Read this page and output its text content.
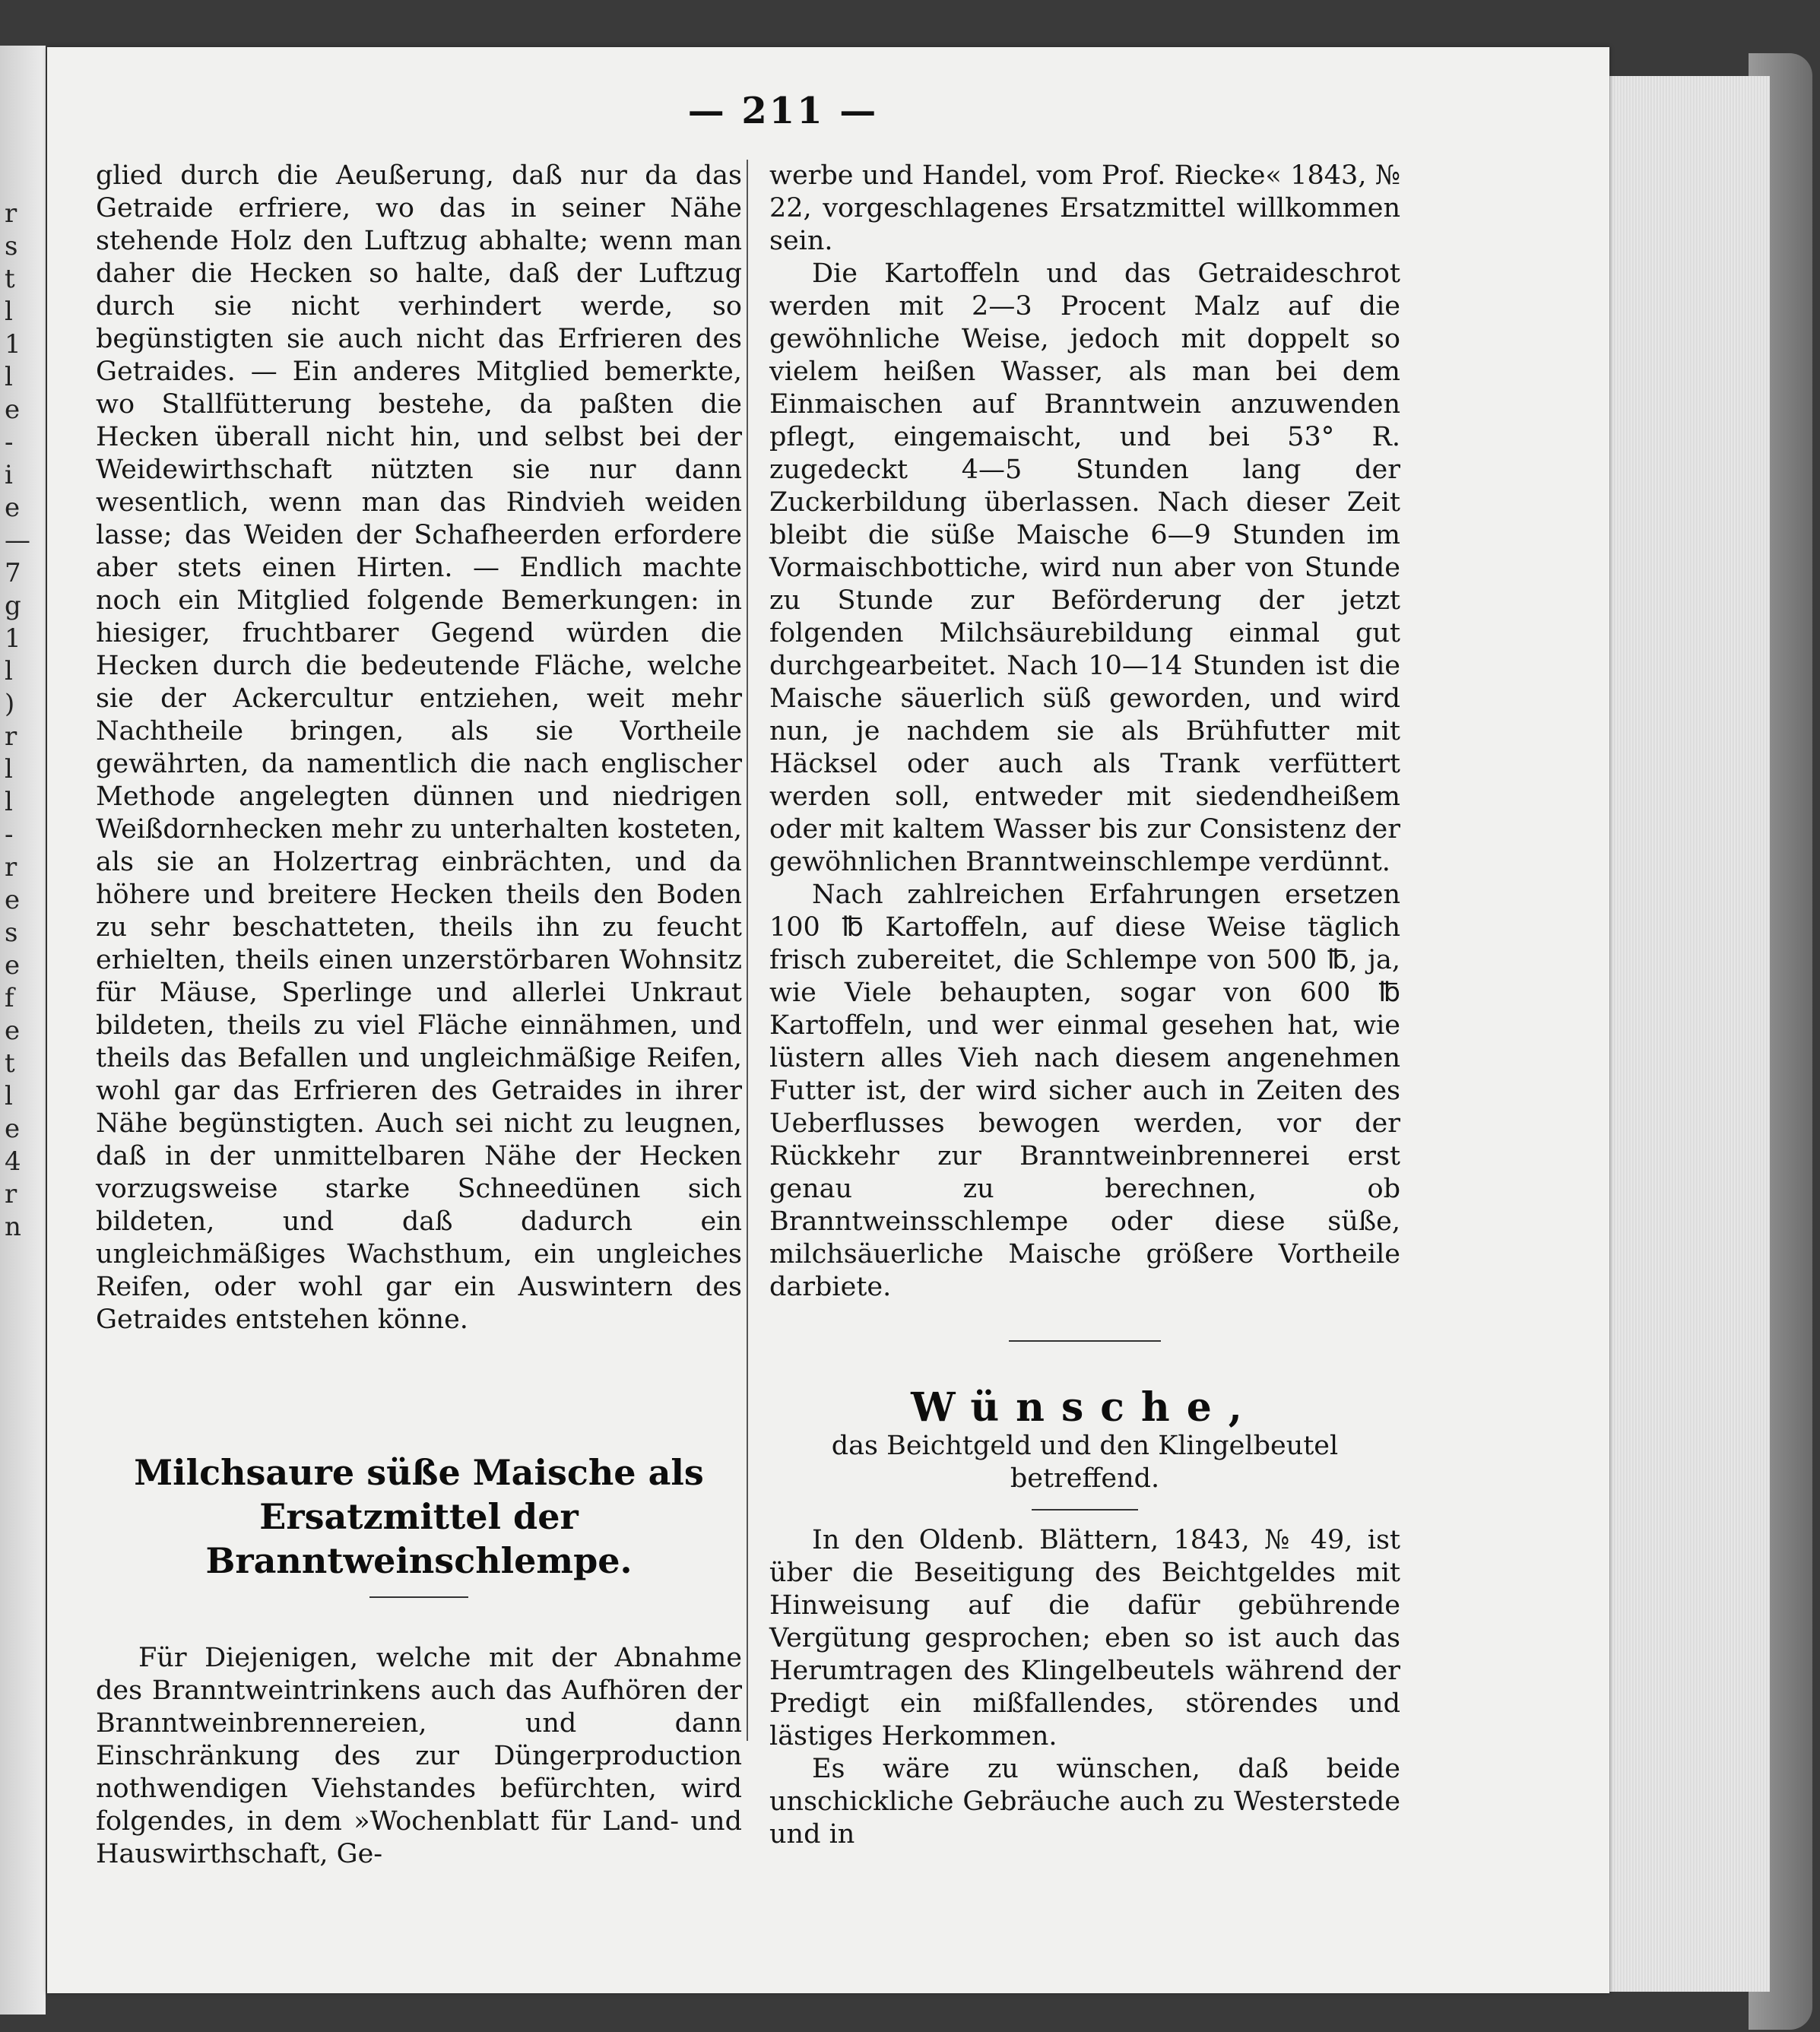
r
s
t
l
1
l
e
-
i
e
—
7
g
1
l
)
r
l
l
-
r
e
s
e
f
e
t
l
e
4
r
n
— 211 —

glied durch die Aeußerung, daß nur da das Getraide erfriere, wo das in seiner Nähe stehende Holz den Luftzug abhalte; wenn man daher die Hecken so halte, daß der Luftzug durch sie nicht verhindert werde, so begünstigten sie auch nicht das Erfrieren des Getraides. — Ein anderes Mitglied bemerkte, wo Stallfütterung bestehe, da paßten die Hecken überall nicht hin, und selbst bei der Weidewirthschaft nützten sie nur dann wesentlich, wenn man das Rindvieh weiden lasse; das Weiden der Schafheerden erfordere aber stets einen Hirten. — Endlich machte noch ein Mitglied folgende Bemerkungen: in hiesiger, fruchtbarer Gegend würden die Hecken durch die bedeutende Fläche, welche sie der Ackercultur entziehen, weit mehr Nachtheile bringen, als sie Vortheile gewährten, da namentlich die nach englischer Methode angelegten dünnen und niedrigen Weißdornhecken mehr zu unterhalten kosteten, als sie an Holzertrag einbrächten, und da höhere und breitere Hecken theils den Boden zu sehr beschatteten, theils ihn zu feucht erhielten, theils einen unzerstörbaren Wohnsitz für Mäuse, Sperlinge und allerlei Unkraut bildeten, theils zu viel Fläche einnähmen, und theils das Befallen und ungleichmäßige Reifen, wohl gar das Erfrieren des Getraides in ihrer Nähe begünstigten. Auch sei nicht zu leugnen, daß in der unmittelbaren Nähe der Hecken vorzugsweise starke Schneedünen sich bildeten, und daß dadurch ein ungleichmäßiges Wachsthum, ein ungleiches Reifen, oder wohl gar ein Auswintern des Getraides entstehen könne.

Milchsaure süße Maische als Ersatzmittel der Branntweinschlempe.

Für Diejenigen, welche mit der Abnahme des Branntweintrinkens auch das Aufhören der Branntweinbrennereien, und dann Einschränkung des zur Düngerproduction nothwendigen Viehstandes befürchten, wird folgendes, in dem »Wochenblatt für Land- und Hauswirthschaft, Ge-

werbe und Handel, vom Prof. Riecke« 1843, № 22, vorgeschlagenes Ersatzmittel willkommen sein.

Die Kartoffeln und das Getraideschrot werden mit 2—3 Procent Malz auf die gewöhnliche Weise, jedoch mit doppelt so vielem heißen Wasser, als man bei dem Einmaischen auf Branntwein anzuwenden pflegt, eingemaischt, und bei 53° R. zugedeckt 4—5 Stunden lang der Zuckerbildung überlassen. Nach dieser Zeit bleibt die süße Maische 6—9 Stunden im Vormaischbottiche, wird nun aber von Stunde zu Stunde zur Beförderung der jetzt folgenden Milchsäurebildung einmal gut durchgearbeitet. Nach 10—14 Stunden ist die Maische säuerlich süß geworden, und wird nun, je nachdem sie als Brühfutter mit Häcksel oder auch als Trank verfüttert werden soll, entweder mit siedendheißem oder mit kaltem Wasser bis zur Consistenz der gewöhnlichen Branntweinschlempe verdünnt.

Nach zahlreichen Erfahrungen ersetzen 100 ℔ Kartoffeln, auf diese Weise täglich frisch zubereitet, die Schlempe von 500 ℔, ja, wie Viele behaupten, sogar von 600 ℔ Kartoffeln, und wer einmal gesehen hat, wie lüstern alles Vieh nach diesem angenehmen Futter ist, der wird sicher auch in Zeiten des Ueberflusses bewogen werden, vor der Rückkehr zur Branntweinbrennerei erst genau zu berechnen, ob Branntweinsschlempe oder diese süße, milchsäuerliche Maische größere Vortheile darbiete.

Wünsche,

das Beichtgeld und den Klingelbeutel

betreffend.

In den Oldenb. Blättern, 1843, № 49, ist über die Beseitigung des Beichtgeldes mit Hinweisung auf die dafür gebührende Vergütung gesprochen; eben so ist auch das Herumtragen des Klingelbeutels während der Predigt ein mißfallendes, störendes und lästiges Herkommen.

Es wäre zu wünschen, daß beide unschickliche Gebräuche auch zu Westerstede und in
